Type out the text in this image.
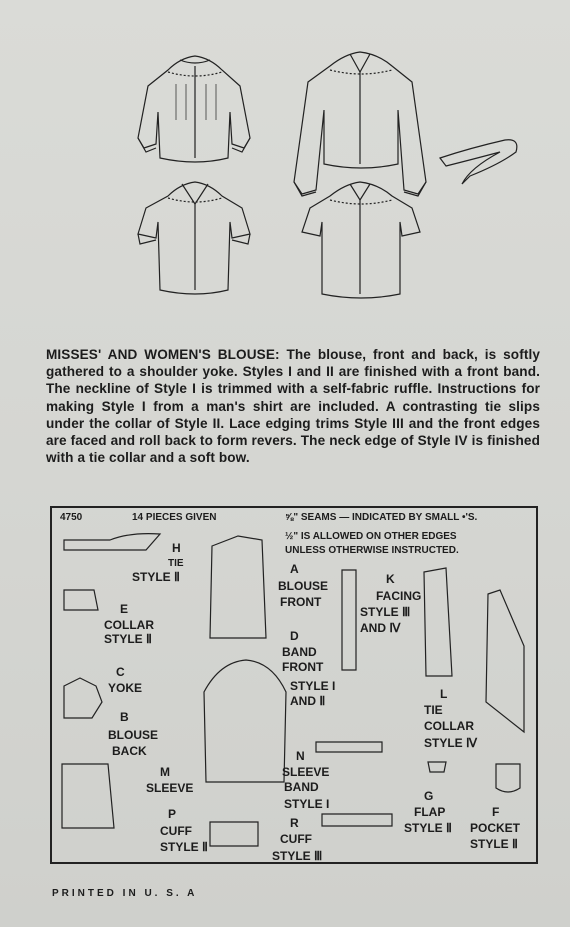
MISSES' AND WOMEN'S BLOUSE: The blouse, front and back, is softly gathered to a shoulder yoke. Styles I and II are finished with a front band. The neckline of Style I is trimmed with a self-fabric ruffle. Instructions for making Style I from a man's shirt are included. A contrasting tie slips under the collar of Style II. Lace edging trims Style III and the front edges are faced and roll back to form revers. The neck edge of Style IV is finished with a tie collar and a soft bow.
4750	14 PIECES GIVEN	⅝" SEAMS — INDICATED BY SMALL •'S.
½" IS ALLOWED ON OTHER EDGES
UNLESS OTHERWISE INSTRUCTED.
H
TIE
STYLE Ⅱ
E
COLLAR
STYLE Ⅱ
C
YOKE
B
BLOUSE
BACK
A
BLOUSE
FRONT
D
BAND
FRONT
STYLE I
AND Ⅱ
K
FACING
STYLE Ⅲ
AND Ⅳ
L
TIE
COLLAR
STYLE Ⅳ
M
SLEEVE
N
SLEEVE
BAND
STYLE I
P
CUFF
STYLE Ⅱ
R
CUFF
STYLE Ⅲ
G
FLAP
STYLE Ⅱ
F
POCKET
STYLE Ⅱ
PRINTED IN U. S. A
